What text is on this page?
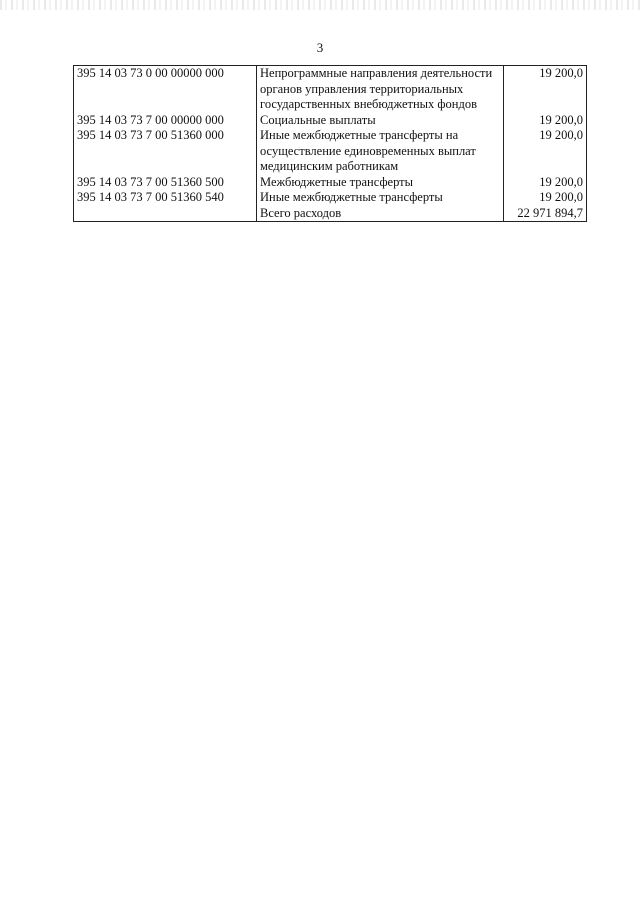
3
395 14 03 73 0 00 00000 000	Непрограммные направления деятельности органов управления территориальных государственных внебюджетных фондов	19 200,0
395 14 03 73 7 00 00000 000	Социальные выплаты	19 200,0
395 14 03 73 7 00 51360 000	Иные межбюджетные трансферты на осуществление единовременных выплат медицинским работникам	19 200,0
395 14 03 73 7 00 51360 500	Межбюджетные трансферты	19 200,0
395 14 03 73 7 00 51360 540	Иные межбюджетные трансферты	19 200,0
	Всего расходов	22 971 894,7
